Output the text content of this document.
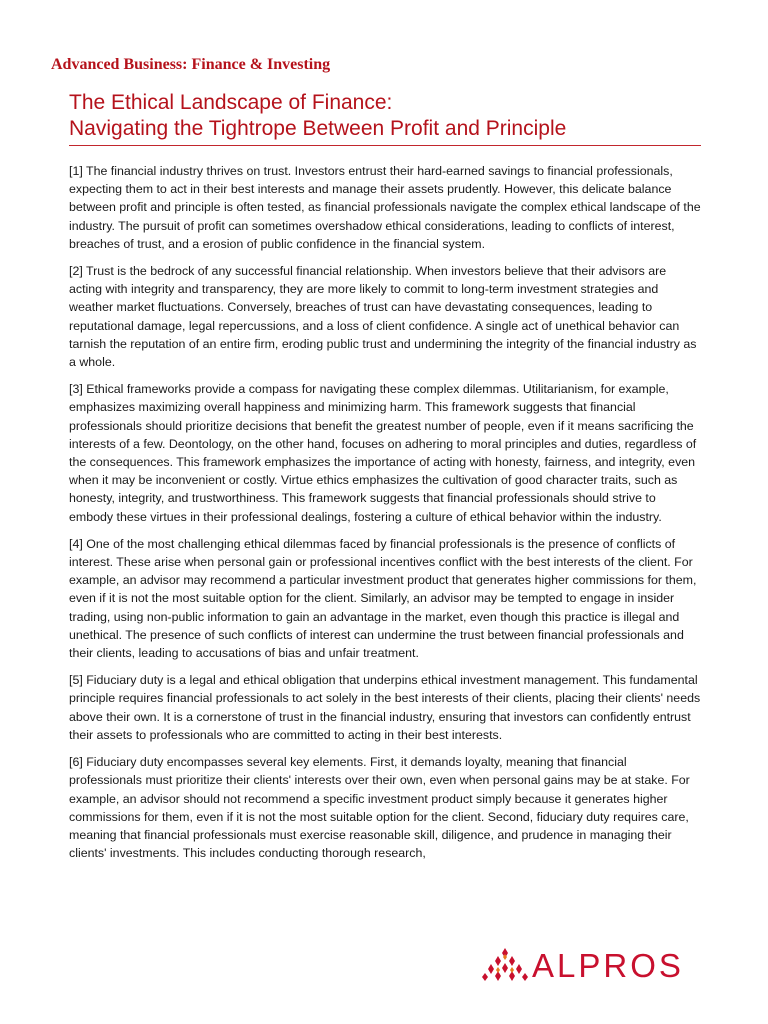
Advanced Business: Finance & Investing

The Ethical Landscape of Finance:

Navigating the Tightrope Between Profit and Principle

[1] The financial industry thrives on trust. Investors entrust their hard-earned savings to financial professionals, expecting them to act in their best interests and manage their assets prudently. However, this delicate balance between profit and principle is often tested, as financial professionals navigate the complex ethical landscape of the industry. The pursuit of profit can sometimes overshadow ethical considerations, leading to conflicts of interest, breaches of trust, and a erosion of public confidence in the financial system.

[2] Trust is the bedrock of any successful financial relationship. When investors believe that their advisors are acting with integrity and transparency, they are more likely to commit to long-term investment strategies and weather market fluctuations. Conversely, breaches of trust can have devastating consequences, leading to reputational damage, legal repercussions, and a loss of client confidence. A single act of unethical behavior can tarnish the reputation of an entire firm, eroding public trust and undermining the integrity of the financial industry as a whole.

[3] Ethical frameworks provide a compass for navigating these complex dilemmas. Utilitarianism, for example, emphasizes maximizing overall happiness and minimizing harm. This framework suggests that financial professionals should prioritize decisions that benefit the greatest number of people, even if it means sacrificing the interests of a few. Deontology, on the other hand, focuses on adhering to moral principles and duties, regardless of the consequences. This framework emphasizes the importance of acting with honesty, fairness, and integrity, even when it may be inconvenient or costly. Virtue ethics emphasizes the cultivation of good character traits, such as honesty, integrity, and trustworthiness. This framework suggests that financial professionals should strive to embody these virtues in their professional dealings, fostering a culture of ethical behavior within the industry.

[4] One of the most challenging ethical dilemmas faced by financial professionals is the presence of conflicts of interest. These arise when personal gain or professional incentives conflict with the best interests of the client. For example, an advisor may recommend a particular investment product that generates higher commissions for them, even if it is not the most suitable option for the client. Similarly, an advisor may be tempted to engage in insider trading, using non-public information to gain an advantage in the market, even though this practice is illegal and unethical. The presence of such conflicts of interest can undermine the trust between financial professionals and their clients, leading to accusations of bias and unfair treatment.

[5] Fiduciary duty is a legal and ethical obligation that underpins ethical investment management. This fundamental principle requires financial professionals to act solely in the best interests of their clients, placing their clients' needs above their own. It is a cornerstone of trust in the financial industry, ensuring that investors can confidently entrust their assets to professionals who are committed to acting in their best interests.

[6] Fiduciary duty encompasses several key elements. First, it demands loyalty, meaning that financial professionals must prioritize their clients' interests over their own, even when personal gains may be at stake. For example, an advisor should not recommend a specific investment product simply because it generates higher commissions for them, even if it is not the most suitable option for the client. Second, fiduciary duty requires care, meaning that financial professionals must exercise reasonable skill, diligence, and prudence in managing their clients' investments. This includes conducting thorough research,

ALPROS
